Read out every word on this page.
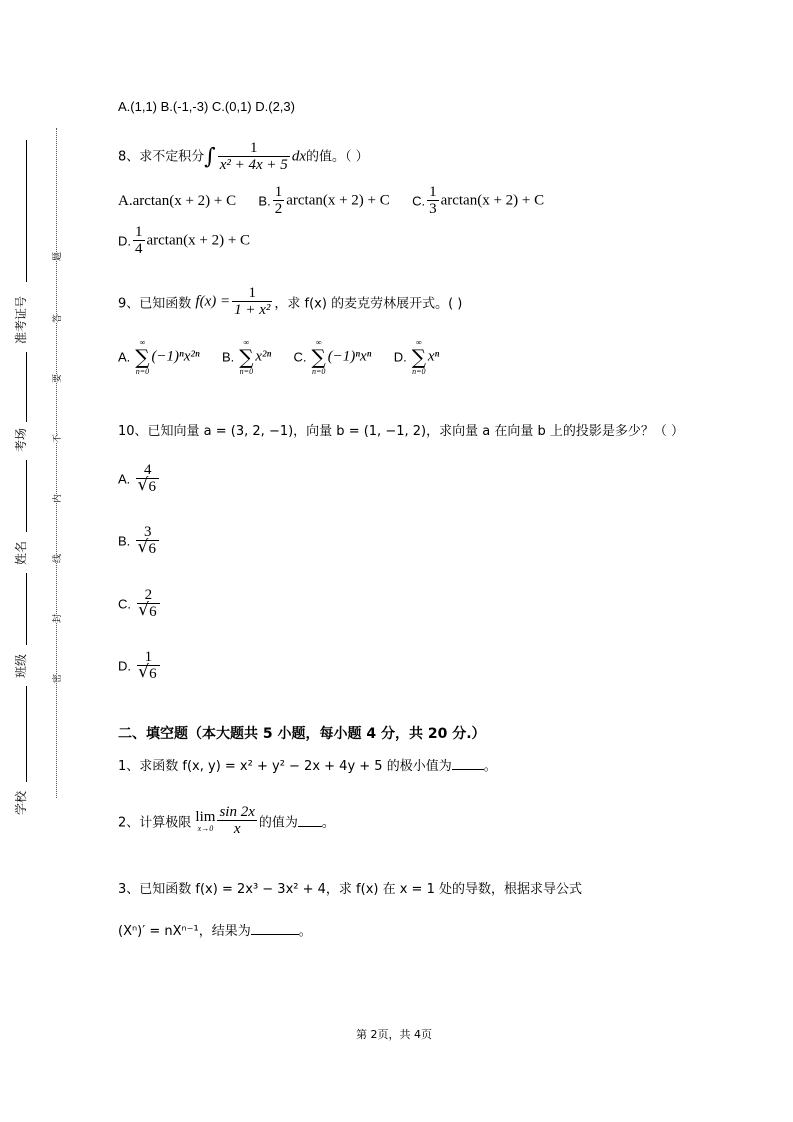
准考证号
考场
姓名
班级
学校
题
答
要
不
内
线
封
密
A.(1,1) B.(-1,-3) C.(0,1) D.(2,3)
8、求不定积分∫ $\frac{1}{\text{x² + 4x + 5}}$ dx的值。（ ）
A.arctan(x + 2) + C B. $\frac{1}{2} \arctan(x + 2) + C$ C. $\frac{1}{3} \arctan(x + 2) + C$
D. $\frac{1}{4} \arctan(x + 2) + C$
9、已知函数 $f(x) = \frac{1}{\text{1 + x²}}$ ，求 f(x) 的麦克劳林展开式。( )
A.
∞
∑
n=0
(−1)ⁿx²ⁿ B.
∞
∑
n=0
x²ⁿ C.
∞
∑
n=0
(−1)ⁿxⁿ D.
∞
∑
n=0
xⁿ
10、已知向量 a = (3, 2, −1)，向量 b = (1, −1, 2)，求向量 a 在向量 b 上的投影是多少？（ ）
A. 4
√ 6
B. 3
√ 6
C. 2
√ 6
D. 1
√ 6
二、填空题（本大题共 5 小题，每小题 4 分，共 20 分.）
1、求函数 f(x, y) = x² + y² − 2x + 4y + 5 的极小值为 。
2、计算极限 lim
$x\to 0 \frac{\sin 2x}{x}$ 的值为 。
3、已知函数 f(x) = 2x³ − 3x² + 4，求 f(x) 在 x = 1 处的导数，根据求导公式
(Xⁿ)′ = nXⁿ⁻¹，结果为	。
第 2页，共 4页
